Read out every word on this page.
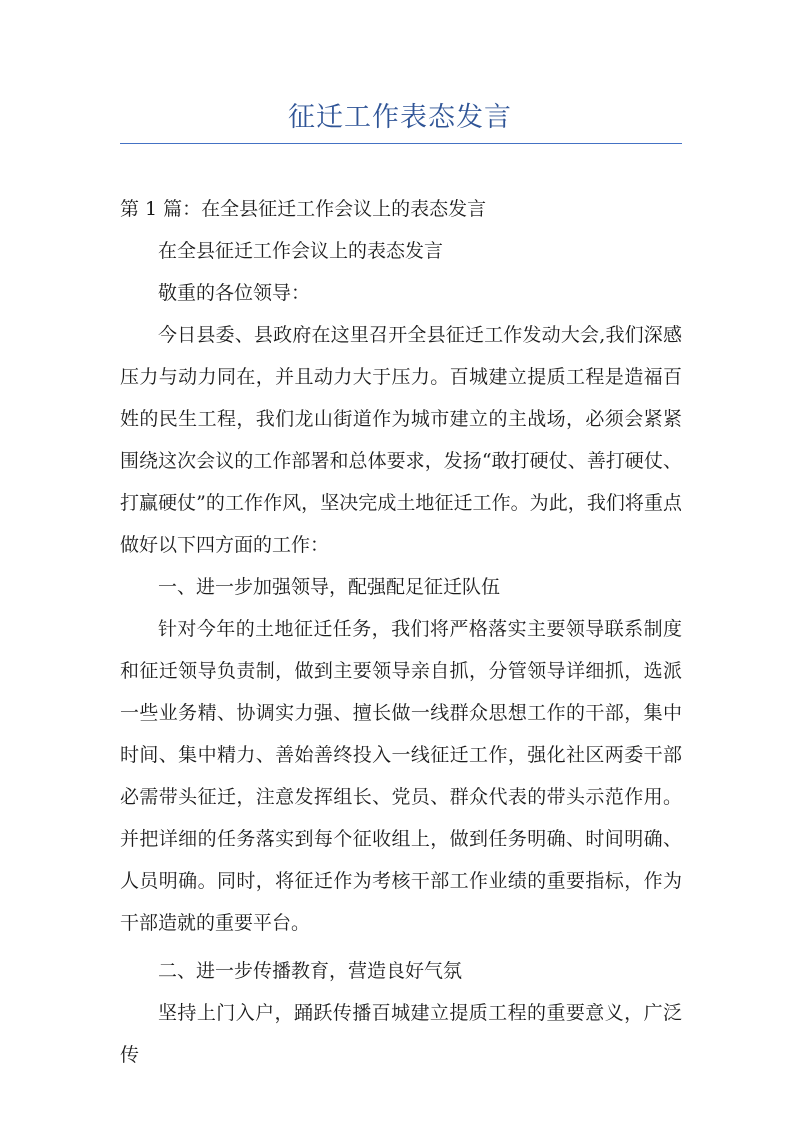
征迁工作表态发言

第 1 篇：在全县征迁工作会议上的表态发言

在全县征迁工作会议上的表态发言

敬重的各位领导：

今日县委、县政府在这里召开全县征迁工作发动大会,我们深感压力与动力同在，并且动力大于压力。百城建立提质工程是造福百姓的民生工程，我们龙山街道作为城市建立的主战场，必须会紧紧围绕这次会议的工作部署和总体要求，发扬“敢打硬仗、善打硬仗、打赢硬仗”的工作作风，坚决完成土地征迁工作。为此，我们将重点做好以下四方面的工作：

一、进一步加强领导，配强配足征迁队伍

针对今年的土地征迁任务，我们将严格落实主要领导联系制度和征迁领导负责制，做到主要领导亲自抓，分管领导详细抓，选派一些业务精、协调实力强、擅长做一线群众思想工作的干部，集中时间、集中精力、善始善终投入一线征迁工作，强化社区两委干部必需带头征迁，注意发挥组长、党员、群众代表的带头示范作用。并把详细的任务落实到每个征收组上，做到任务明确、时间明确、人员明确。同时，将征迁作为考核干部工作业绩的重要指标，作为干部造就的重要平台。

二、进一步传播教育，营造良好气氛

坚持上门入户，踊跃传播百城建立提质工程的重要意义，广泛传
